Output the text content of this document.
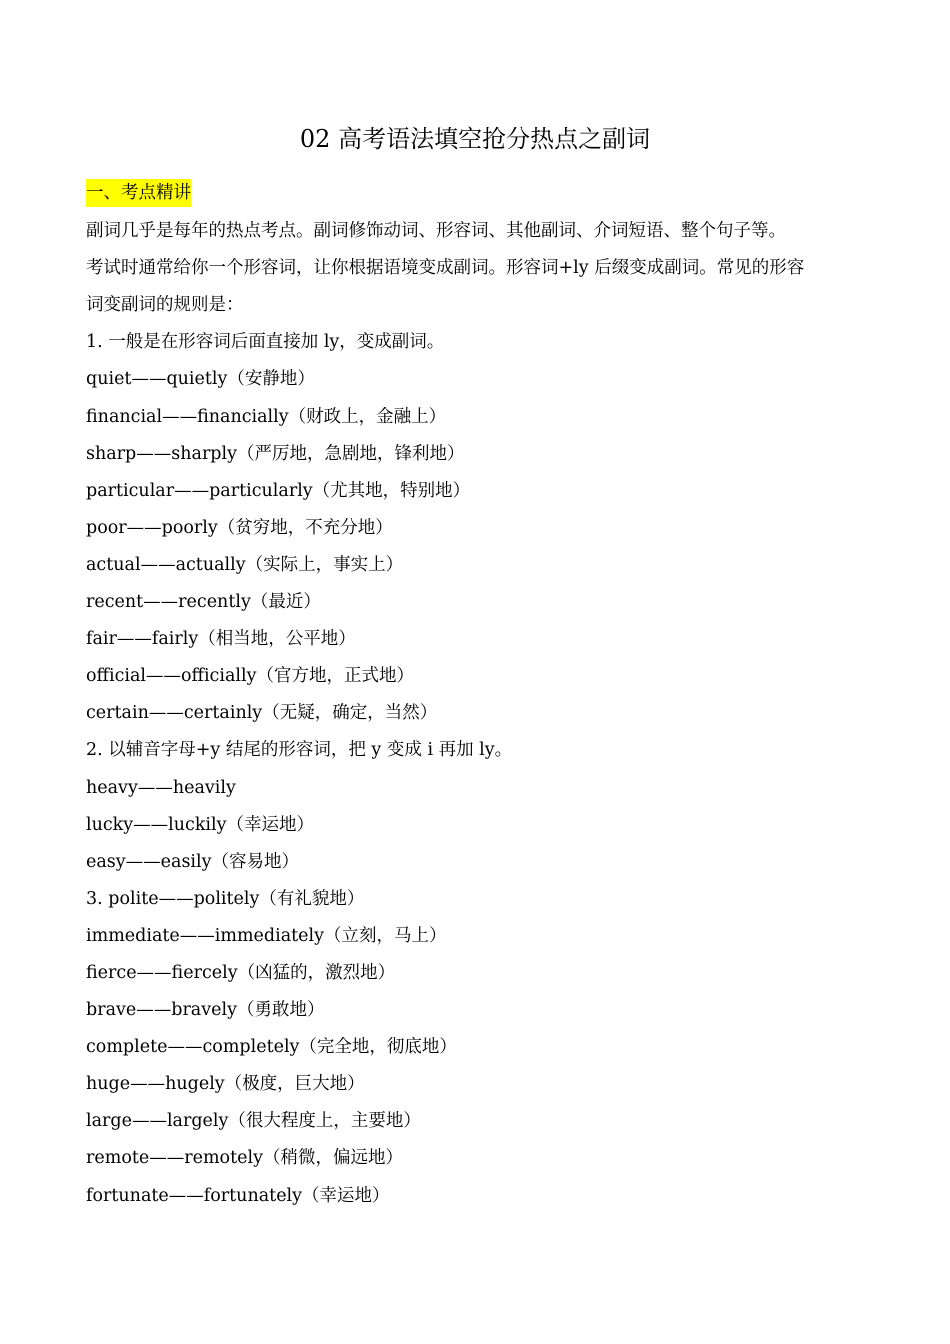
02 高考语法填空抢分热点之副词
一、考点精讲
副词几乎是每年的热点考点。副词修饰动词、形容词、其他副词、介词短语、整个句子等。
考试时通常给你一个形容词，让你根据语境变成副词。形容词+ly 后缀变成副词。常见的形容
词变副词的规则是：
1. 一般是在形容词后面直接加 ly，变成副词。
quiet——quietly（安静地）
financial——financially（财政上，金融上）
sharp——sharply（严厉地，急剧地，锋利地）
particular——particularly（尤其地，特别地）
poor——poorly（贫穷地，不充分地）
actual——actually（实际上，事实上）
recent——recently（最近）
fair——fairly（相当地，公平地）
official——officially（官方地，正式地）
certain——certainly（无疑，确定，当然）
2. 以辅音字母+y 结尾的形容词，把 y 变成 i 再加 ly。
heavy——heavily
lucky——luckily（幸运地）
easy——easily（容易地）
3. polite——politely（有礼貌地）
immediate——immediately（立刻，马上）
fierce——fiercely（凶猛的，激烈地）
brave——bravely（勇敢地）
complete——completely（完全地，彻底地）
huge——hugely（极度，巨大地）
large——largely（很大程度上，主要地）
remote——remotely（稍微，偏远地）
fortunate——fortunately（幸运地）
